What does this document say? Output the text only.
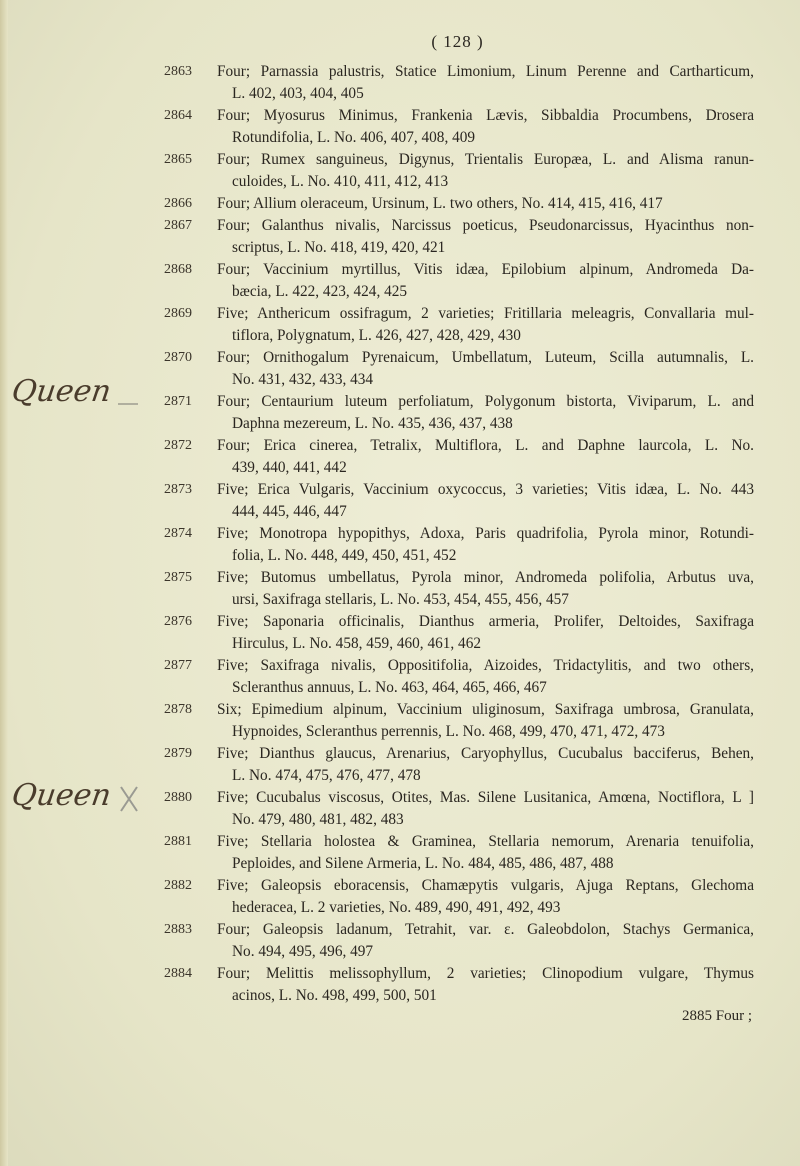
( 128 )
2863	Four; Parnassia palustris, Statice Limonium, Linum Perenne and Cartharticum,
L. 402, 403, 404, 405
2864	Four; Myosurus Minimus, Frankenia Lævis, Sibbaldia Procumbens, Drosera
Rotundifolia, L. No. 406, 407, 408, 409
2865	Four; Rumex sanguineus, Digynus, Trientalis Europæa, L. and Alisma ranun-
culoides, L. No. 410, 411, 412, 413
2866	Four; Allium oleraceum, Ursinum, L. two others, No. 414, 415, 416, 417
2867	Four; Galanthus nivalis, Narcissus poeticus, Pseudonarcissus, Hyacinthus non-
scriptus, L. No. 418, 419, 420, 421
2868	Four; Vaccinium myrtillus, Vitis idæa, Epilobium alpinum, Andromeda Da-
bæcia, L. 422, 423, 424, 425
2869	Five; Anthericum ossifragum, 2 varieties; Fritillaria meleagris, Convallaria mul-
tiflora, Polygnatum, L. 426, 427, 428, 429, 430
2870	Four; Ornithogalum Pyrenaicum, Umbellatum, Luteum, Scilla autumnalis, L.
No. 431, 432, 433, 434
2871	Four; Centaurium luteum perfoliatum, Polygonum bistorta, Viviparum, L. and
Daphna mezereum, L. No. 435, 436, 437, 438
2872	Four; Erica cinerea, Tetralix, Multiflora, L. and Daphne laurcola, L. No.
439, 440, 441, 442
2873	Five; Erica Vulgaris, Vaccinium oxycoccus, 3 varieties; Vitis idæa, L. No. 443
444, 445, 446, 447
2874	Five; Monotropa hypopithys, Adoxa, Paris quadrifolia, Pyrola minor, Rotundi-
folia, L. No. 448, 449, 450, 451, 452
2875	Five; Butomus umbellatus, Pyrola minor, Andromeda polifolia, Arbutus uva,
ursi, Saxifraga stellaris, L. No. 453, 454, 455, 456, 457
2876	Five; Saponaria officinalis, Dianthus armeria, Prolifer, Deltoides, Saxifraga
Hirculus, L. No. 458, 459, 460, 461, 462
2877	Five; Saxifraga nivalis, Oppositifolia, Aizoides, Tridactylitis, and two others,
Scleranthus annuus, L. No. 463, 464, 465, 466, 467
2878	Six; Epimedium alpinum, Vaccinium uliginosum, Saxifraga umbrosa, Granulata,
Hypnoides, Scleranthus perrennis, L. No. 468, 499, 470, 471, 472, 473
2879	Five; Dianthus glaucus, Arenarius, Caryophyllus, Cucubalus bacciferus, Behen,
L. No. 474, 475, 476, 477, 478
2880	Five; Cucubalus viscosus, Otites, Mas. Silene Lusitanica, Amœna, Noctiflora, L ]
No. 479, 480, 481, 482, 483
2881	Five; Stellaria holostea & Graminea, Stellaria nemorum, Arenaria tenuifolia,
Peploides, and Silene Armeria, L. No. 484, 485, 486, 487, 488
2882	Five; Galeopsis eboracensis, Chamæpytis vulgaris, Ajuga Reptans, Glechoma
hederacea, L. 2 varieties, No. 489, 490, 491, 492, 493
2883	Four; Galeopsis ladanum, Tetrahit, var. ε. Galeobdolon, Stachys Germanica,
No. 494, 495, 496, 497
2884	Four; Melittis melissophyllum, 2 varieties; Clinopodium vulgare, Thymus
acinos, L. No. 498, 499, 500, 501
Queen
Queen
2885 Four ;
